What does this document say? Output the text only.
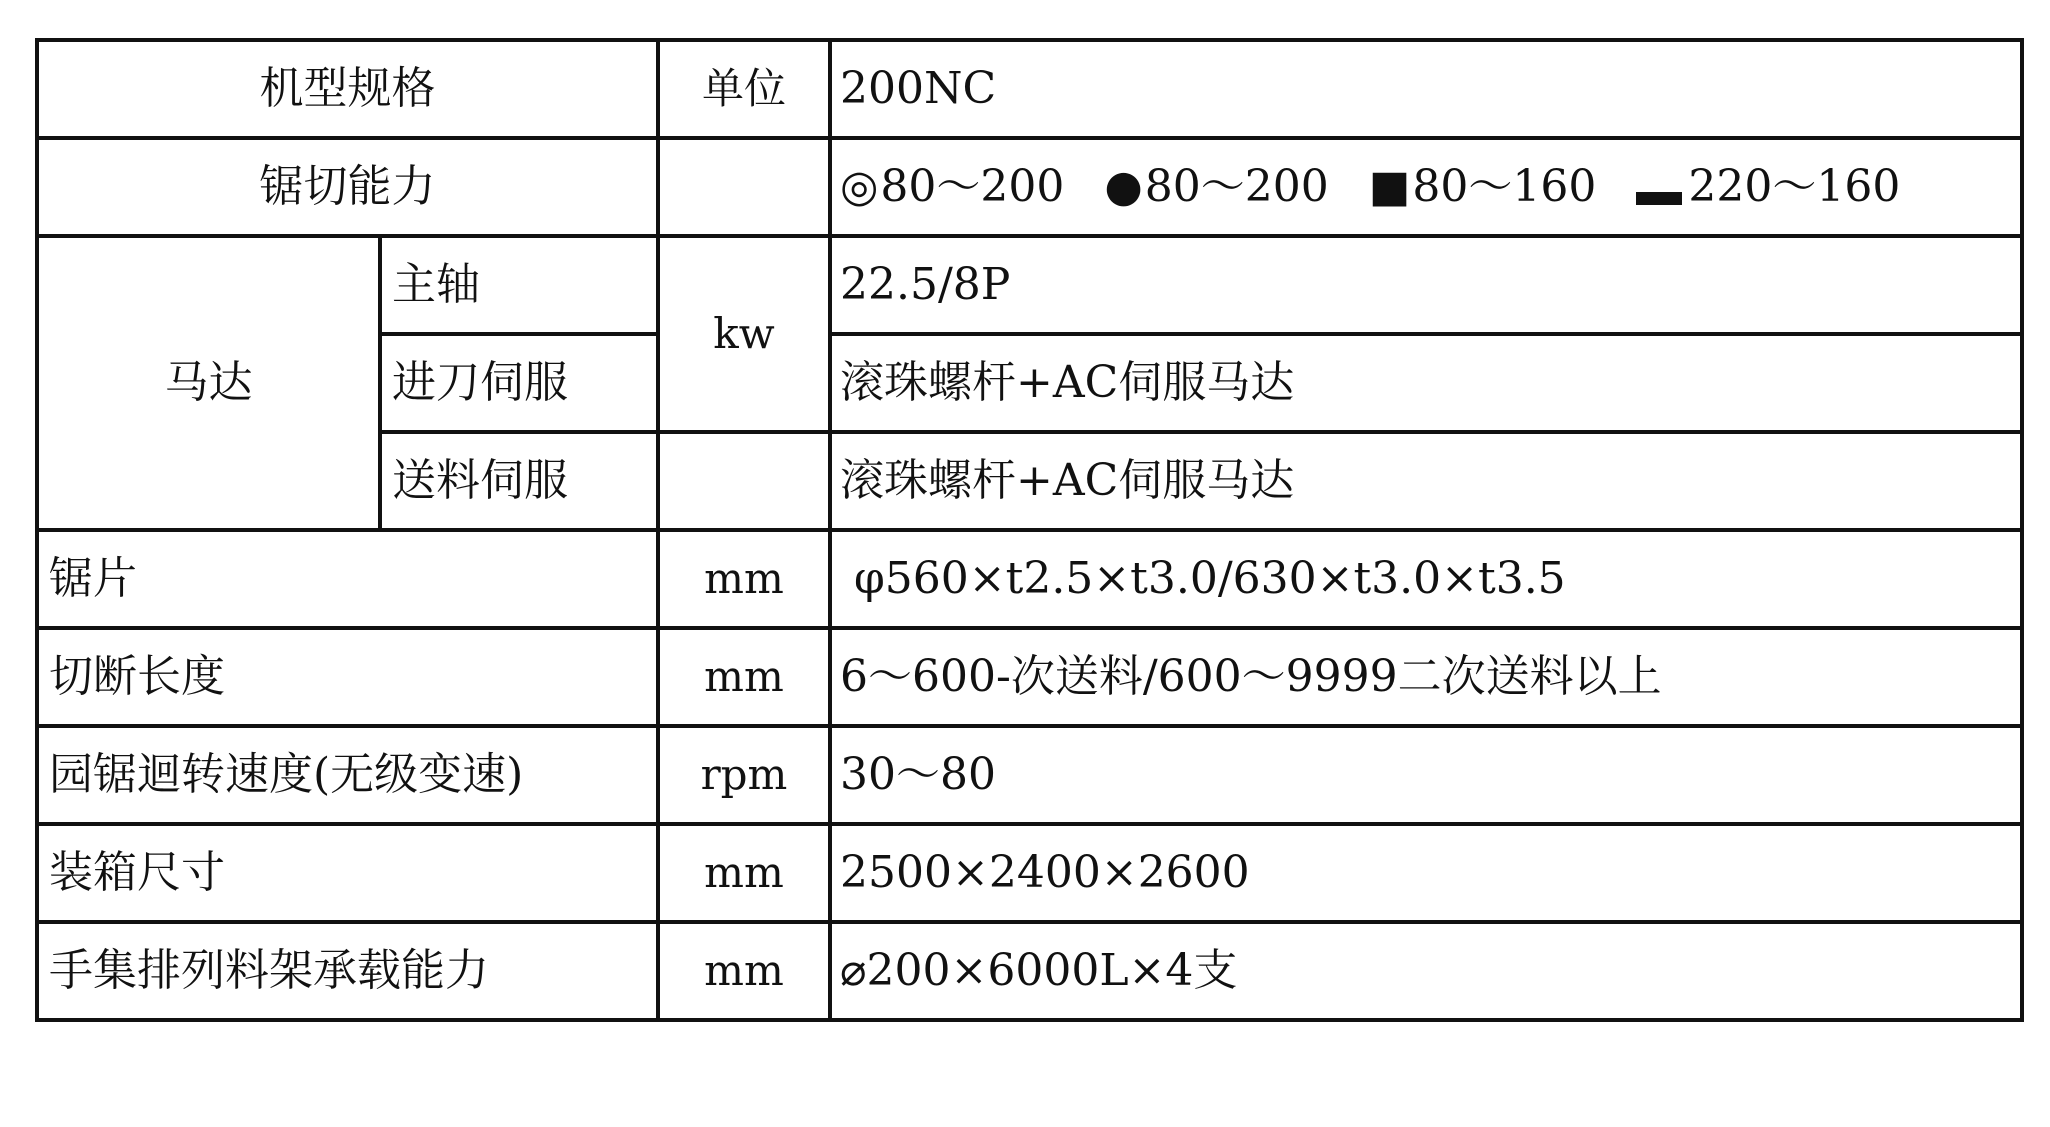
机型规格		单位	200NC
锯切能力			◎80～200 ●80～200 ■80～160 220～160
马达	主轴	kw	22.5/8P
	进刀伺服		滚珠螺杆+AC伺服马达
	送料伺服		滚珠螺杆+AC伺服马达
锯片		mm	φ560×t2.5×t3.0/630×t3.0×t3.5
切断长度		mm	6～600-次送料/600～9999二次送料以上
园锯迴转速度(无级变速)		rpm	30～80
装箱尺寸		mm	2500×2400×2600
手集排列料架承载能力		mm	⌀200×6000L×4支
